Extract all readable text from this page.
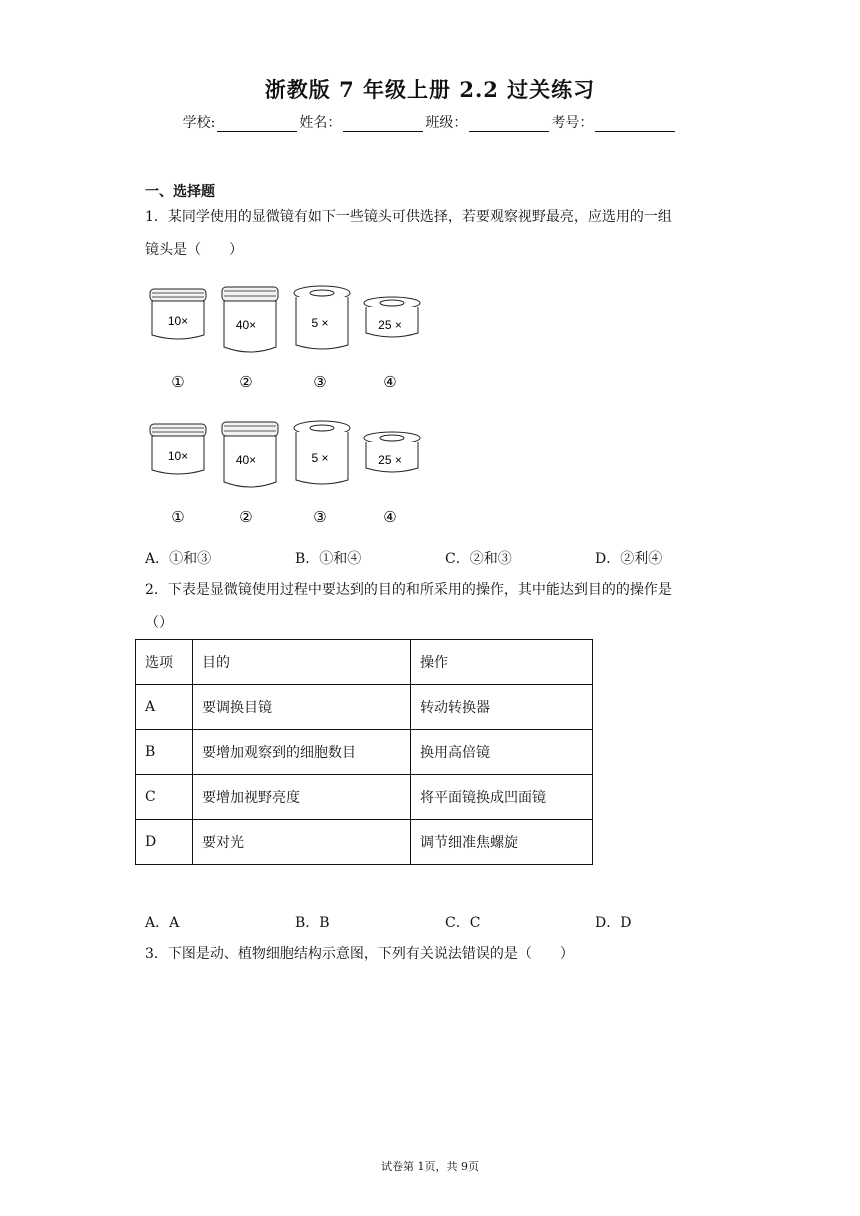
浙教版 7 年级上册 2.2 过关练习
学校:	姓名：	班级：	考号：
一、选择题
1．某同学使用的显微镜有如下一些镜头可供选择，若要观察视野最亮，应选用的一组
镜头是（　　）
10×	40×	5 ×	25 ×
①	②	③	④
10×	40×	5 ×	25 ×
①	②	③	④
A．①和③	B．①和④	C．②和③	D．②利④
2．下表是显微镜使用过程中要达到的目的和所采用的操作，其中能达到目的的操作是
（）
选项	目的	操作
A	要调换目镜	转动转换器
B	要增加观察到的细胞数目	换用高倍镜
C	要增加视野亮度	将平面镜换成凹面镜
D	要对光	调节细准焦螺旋
A．A	B．B	C．C	D．D
3．下图是动、植物细胞结构示意图，下列有关说法错误的是（　　）
试卷第 1页，共 9页
